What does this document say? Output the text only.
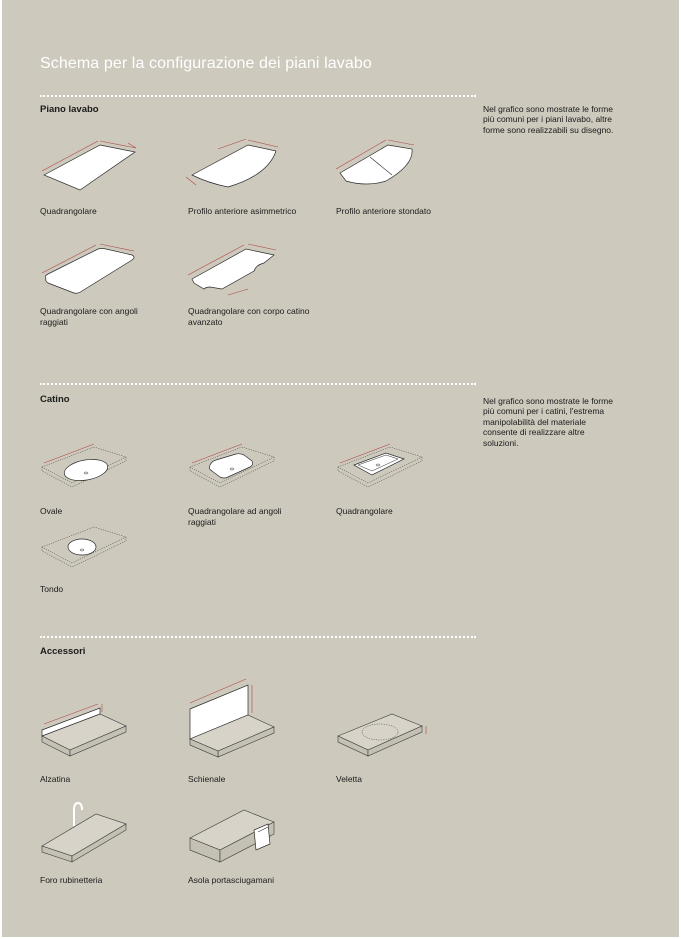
Schema per la configurazione dei piani lavabo
Piano lavabo	Nel grafico sono mostrate le forme più comuni per i piani lavabo, altre forme sono realizzabili su disegno.
Quadrangolare	Profilo anteriore asimmetrico	Profilo anteriore stondato
Quadrangolare con angoli raggiati
Quadrangolare con corpo catino avanzato
Catino	Nel grafico sono mostrate le forme più comuni per i catini, l'estrema manipolabilità del materiale consente di realizzare altre soluzioni.
Ovale	Quadrangolare ad angoli raggiati
Quadrangolare
Tondo
Accessori
Alzatina	Schienale	Veletta
Foro rubinetteria	Asola portasciugamani
